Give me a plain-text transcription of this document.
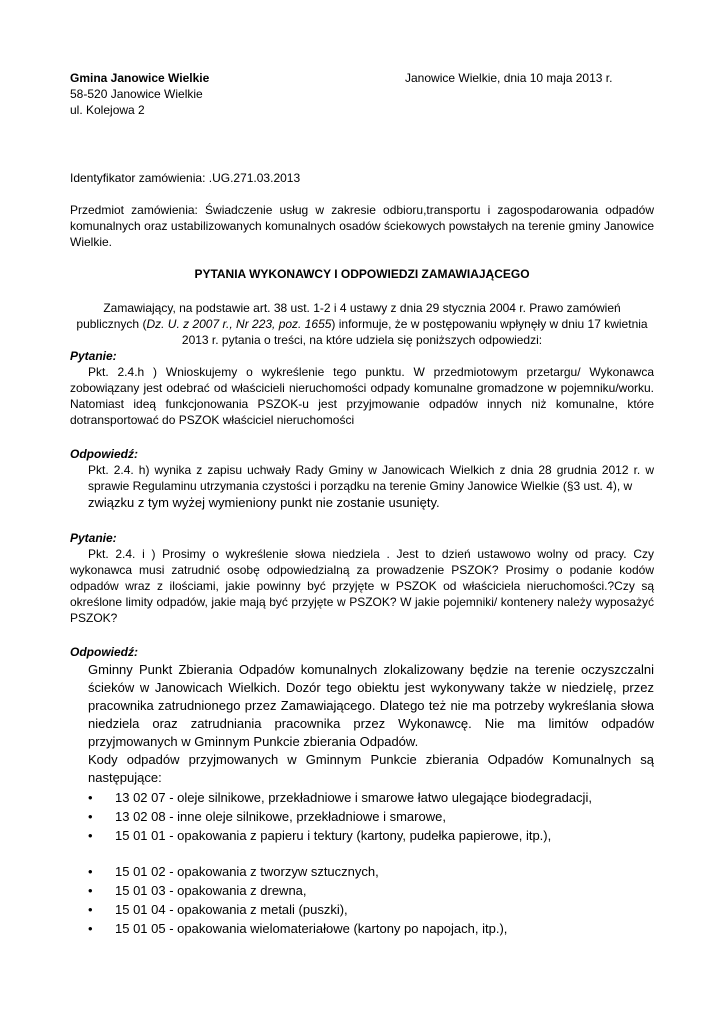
Gmina Janowice Wielkie
58-520 Janowice Wielkie
ul. Kolejowa 2
Janowice Wielkie, dnia 10 maja 2013 r.
Identyfikator zamówienia: .UG.271.03.2013
Przedmiot zamówienia: Świadczenie usług w zakresie odbioru,transportu i zagospodarowania odpadów komunalnych oraz ustabilizowanych komunalnych osadów ściekowych powstałych na terenie gminy Janowice Wielkie.
PYTANIA WYKONAWCY I ODPOWIEDZI ZAMAWIAJĄCEGO
Zamawiający, na podstawie art. 38 ust. 1-2 i 4 ustawy z dnia 29 stycznia 2004 r. Prawo zamówień
publicznych (Dz. U. z 2007 r., Nr 223, poz. 1655) informuje, że w postępowaniu wpłynęły w dniu 17 kwietnia
2013 r. pytania o treści, na które udziela się poniższych odpowiedzi:
Pytanie:
Pkt. 2.4.h ) Wnioskujemy o wykreślenie tego punktu. W przedmiotowym przetargu/ Wykonawca zobowiązany jest odebrać od właścicieli nieruchomości odpady komunalne gromadzone w pojemniku/worku. Natomiast ideą funkcjonowania PSZOK-u jest przyjmowanie odpadów innych niż komunalne, które dotransportować do PSZOK właściciel nieruchomości
Odpowiedź:
Pkt. 2.4. h) wynika z zapisu uchwały Rady Gminy w Janowicach Wielkich z dnia 28 grudnia 2012 r. w sprawie Regulaminu utrzymania czystości i porządku na terenie Gminy Janowice Wielkie (§3 ust. 4), w
związku z tym wyżej wymieniony punkt nie zostanie usunięty.
Pytanie:
Pkt. 2.4. i ) Prosimy o wykreślenie słowa niedziela . Jest to dzień ustawowo wolny od pracy. Czy wykonawca musi zatrudnić osobę odpowiedzialną za prowadzenie PSZOK? Prosimy o podanie kodów odpadów wraz z ilościami, jakie powinny być przyjęte w PSZOK od właściciela nieruchomości.?Czy są określone limity odpadów, jakie mają być przyjęte w PSZOK? W jakie pojemniki/ kontenery należy wyposażyć PSZOK?
Odpowiedź:
Gminny Punkt Zbierania Odpadów komunalnych zlokalizowany będzie na terenie oczyszczalni ścieków w Janowicach Wielkich. Dozór tego obiektu jest wykonywany także w niedzielę, przez pracownika zatrudnionego przez Zamawiającego. Dlatego też nie ma potrzeby wykreślania słowa niedziela oraz zatrudniania pracownika przez Wykonawcę. Nie ma limitów odpadów przyjmowanych w Gminnym Punkcie zbierania Odpadów.
Kody odpadów przyjmowanych w Gminnym Punkcie zbierania Odpadów Komunalnych są następujące:
• 13 02 07 - oleje silnikowe, przekładniowe i smarowe łatwo ulegające biodegradacji,
• 13 02 08 - inne oleje silnikowe, przekładniowe i smarowe,
• 15 01 01 - opakowania z papieru i tektury (kartony, pudełka papierowe, itp.),
• 15 01 02 - opakowania z tworzyw sztucznych,
• 15 01 03 - opakowania z drewna,
• 15 01 04 - opakowania z metali (puszki),
• 15 01 05 - opakowania wielomateriałowe (kartony po napojach, itp.),
